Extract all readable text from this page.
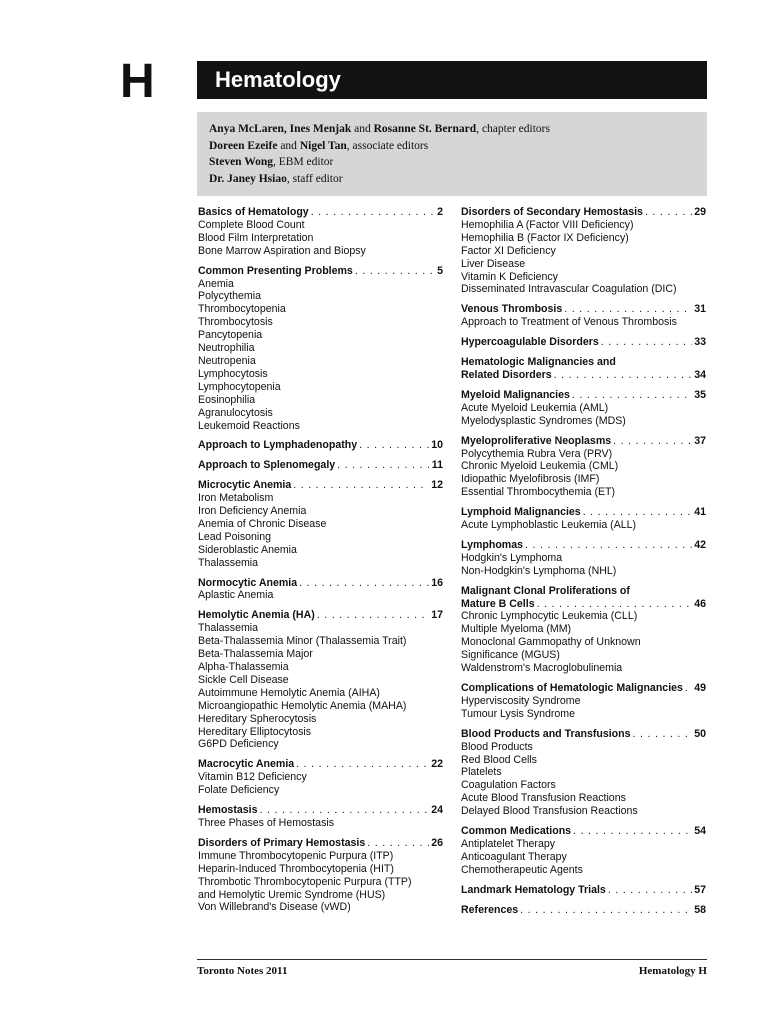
H	Hematology
Anya McLaren, Ines Menjak and Rosanne St. Bernard, chapter editors
Doreen Ezeife and Nigel Tan, associate editors
Steven Wong, EBM editor
Dr. Janey Hsiao, staff editor
Basics of Hematology . . .	2
Complete Blood Count
Blood Film Interpretation
Bone Marrow Aspiration and Biopsy
Common Presenting Problems . . .	5
Anemia
Polycythemia
Thrombocytopenia
Thrombocytosis
Pancytopenia
Neutrophilia
Neutropenia
Lymphocytosis
Lymphocytopenia
Eosinophilia
Agranulocytosis
Leukemoid Reactions
Approach to Lymphadenopathy . . .	10
Approach to Splenomegaly . . .	11
Microcytic Anemia . . .	12
Iron Metabolism
Iron Deficiency Anemia
Anemia of Chronic Disease
Lead Poisoning
Sideroblastic Anemia
Thalassemia
Normocytic Anemia . . .	16
Aplastic Anemia
Hemolytic Anemia (HA) . . .	17
Thalassemia
Beta-Thalassemia Minor (Thalassemia Trait)
Beta-Thalassemia Major
Alpha-Thalassemia
Sickle Cell Disease
Autoimmune Hemolytic Anemia (AIHA)
Microangiopathic Hemolytic Anemia (MAHA)
Hereditary Spherocytosis
Hereditary Elliptocytosis
G6PD Deficiency
Macrocytic Anemia . . .	22
Vitamin B12 Deficiency
Folate Deficiency
Hemostasis . . .	24
Three Phases of Hemostasis
Disorders of Primary Hemostasis . . .	26
Immune Thrombocytopenic Purpura (ITP)
Heparin-Induced Thrombocytopenia (HIT)
Thrombotic Thrombocytopenic Purpura (TTP)
and Hemolytic Uremic Syndrome (HUS)
Von Willebrand's Disease (vWD)
Disorders of Secondary Hemostasis . . .	29
Hemophilia A (Factor VIII Deficiency)
Hemophilia B (Factor IX Deficiency)
Factor XI Deficiency
Liver Disease
Vitamin K Deficiency
Disseminated Intravascular Coagulation (DIC)
Venous Thrombosis . . .	31
Approach to Treatment of Venous Thrombosis
Hypercoagulable Disorders . . .	33
Hematologic Malignancies and
Related Disorders . . .	34
Myeloid Malignancies . . .	35
Acute Myeloid Leukemia (AML)
Myelodysplastic Syndromes (MDS)
Myeloproliferative Neoplasms . . .	37
Polycythemia Rubra Vera (PRV)
Chronic Myeloid Leukemia (CML)
Idiopathic Myelofibrosis (IMF)
Essential Thrombocythemia (ET)
Lymphoid Malignancies . . .	41
Acute Lymphoblastic Leukemia (ALL)
Lymphomas . . .	42
Hodgkin's Lymphoma
Non-Hodgkin's Lymphoma (NHL)
Malignant Clonal Proliferations of
Mature B Cells . . .	46
Chronic Lymphocytic Leukemia (CLL)
Multiple Myeloma (MM)
Monoclonal Gammopathy of Unknown
Significance (MGUS)
Waldenstrom's Macroglobulinemia
Complications of Hematologic Malignancies . . . 49
Hyperviscosity Syndrome
Tumour Lysis Syndrome
Blood Products and Transfusions . . .	50
Blood Products
Red Blood Cells
Platelets
Coagulation Factors
Acute Blood Transfusion Reactions
Delayed Blood Transfusion Reactions
Common Medications . . .	54
Antiplatelet Therapy
Anticoagulant Therapy
Chemotherapeutic Agents
Landmark Hematology Trials . . .	57
References . . .	58
Toronto Notes 2011	Hematology H
